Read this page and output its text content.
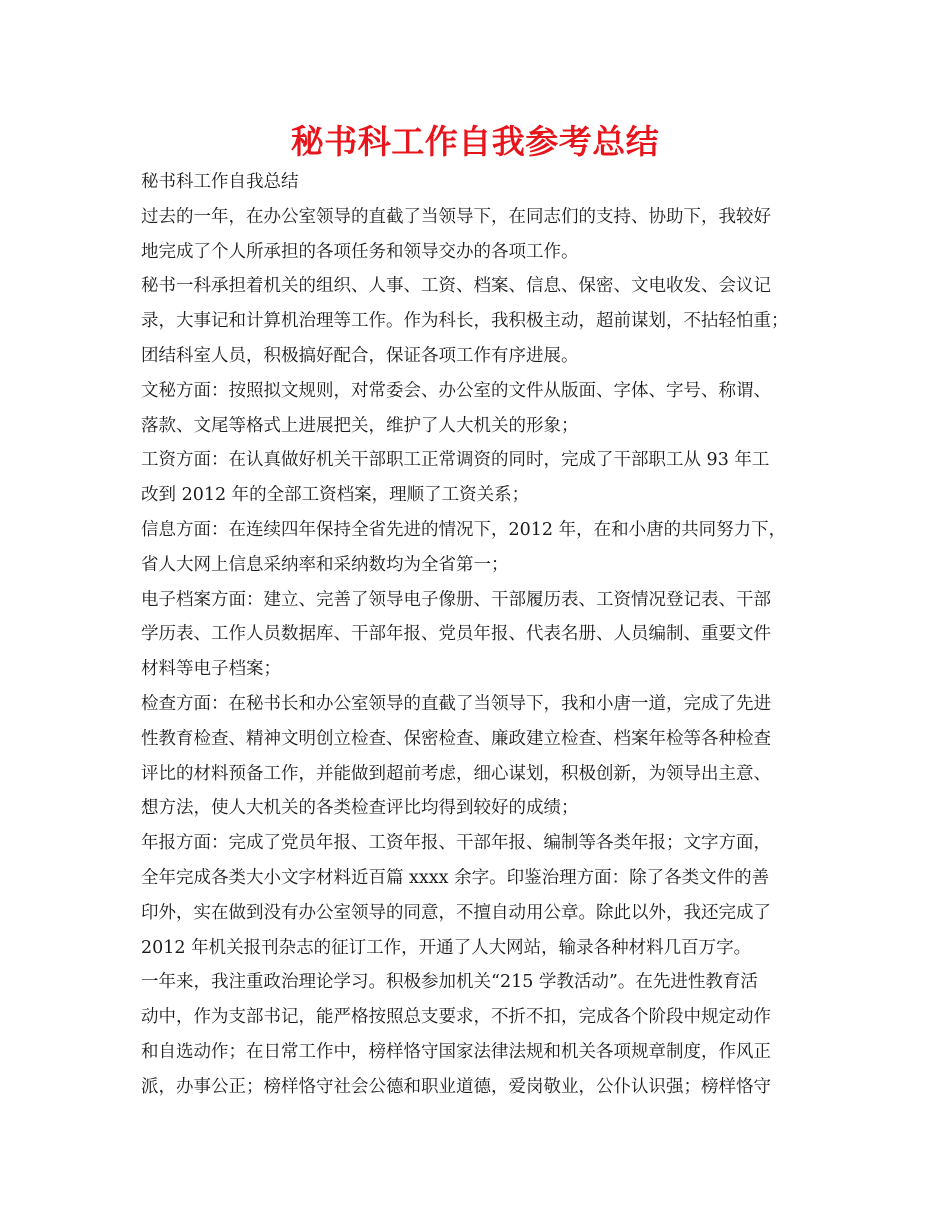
秘书科工作自我参考总结
秘书科工作自我总结
过去的一年，在办公室领导的直截了当领导下，在同志们的支持、协助下，我较好
地完成了个人所承担的各项任务和领导交办的各项工作。
秘书一科承担着机关的组织、人事、工资、档案、信息、保密、文电收发、会议记
录，大事记和计算机治理等工作。作为科长，我积极主动，超前谋划，不拈轻怕重；
团结科室人员，积极搞好配合，保证各项工作有序进展。
文秘方面：按照拟文规则，对常委会、办公室的文件从版面、字体、字号、称谓、
落款、文尾等格式上进展把关，维护了人大机关的形象；
工资方面：在认真做好机关干部职工正常调资的同时，完成了干部职工从 93 年工
改到 2012 年的全部工资档案，理顺了工资关系；
信息方面：在连续四年保持全省先进的情况下，2012 年，在和小唐的共同努力下，
省人大网上信息采纳率和采纳数均为全省第一；
电子档案方面：建立、完善了领导电子像册、干部履历表、工资情况登记表、干部
学历表、工作人员数据库、干部年报、党员年报、代表名册、人员编制、重要文件
材料等电子档案；
检查方面：在秘书长和办公室领导的直截了当领导下，我和小唐一道，完成了先进
性教育检查、精神文明创立检查、保密检查、廉政建立检查、档案年检等各种检查
评比的材料预备工作，并能做到超前考虑，细心谋划，积极创新，为领导出主意、
想方法，使人大机关的各类检查评比均得到较好的成绩；
年报方面：完成了党员年报、工资年报、干部年报、编制等各类年报；文字方面，
全年完成各类大小文字材料近百篇 xxxx 余字。印鉴治理方面：除了各类文件的善
印外，实在做到没有办公室领导的同意，不擅自动用公章。除此以外，我还完成了
2012 年机关报刊杂志的征订工作，开通了人大网站，输录各种材料几百万字。
一年来，我注重政治理论学习。积极参加机关“215 学教活动”。在先进性教育活
动中，作为支部书记，能严格按照总支要求，不折不扣，完成各个阶段中规定动作
和自选动作；在日常工作中，榜样恪守国家法律法规和机关各项规章制度，作风正
派，办事公正；榜样恪守社会公德和职业道德，爱岗敬业，公仆认识强；榜样恪守
